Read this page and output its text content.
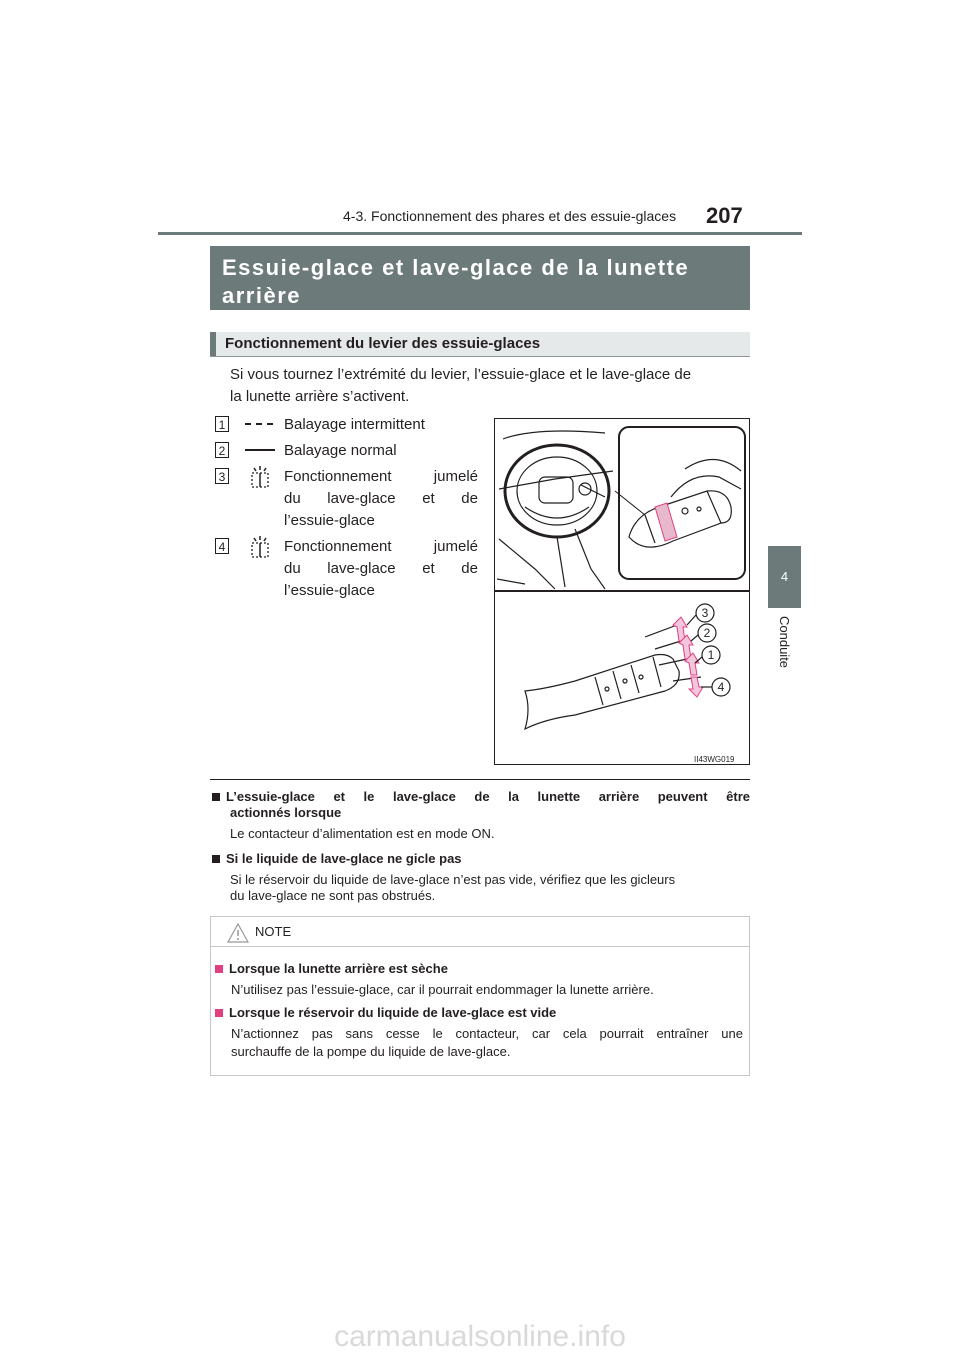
4-3. Fonctionnement des phares et des essuie-glaces 207
4
Conduite
Essuie-glace et lave-glace de la lunette
arrière
Fonctionnement du levier des essuie-glaces
Si vous tournez l’extrémité du levier, l’essuie-glace et le lave-glace de
la lunette arrière s’activent.
1	Balayage intermittent
2	Balayage normal
3	Fonctionnement jumelé
du lave-glace et de
l’essuie-glace
4	Fonctionnement jumelé
du lave-glace et de
l’essuie-glace
3
2
1
4
II43WG019
L’essuie-glace et le lave-glace de la lunette arrière peuvent être
actionnés lorsque
Le contacteur d’alimentation est en mode ON.
Si le liquide de lave-glace ne gicle pas
Si le réservoir du liquide de lave-glace n’est pas vide, vérifiez que les gicleurs
du lave-glace ne sont pas obstrués.
NOTE
Lorsque la lunette arrière est sèche
N’utilisez pas l’essuie-glace, car il pourrait endommager la lunette arrière.
Lorsque le réservoir du liquide de lave-glace est vide
N’actionnez pas sans cesse le contacteur, car cela pourrait entraîner une
surchauffe de la pompe du liquide de lave-glace.
carmanualsonline.info
